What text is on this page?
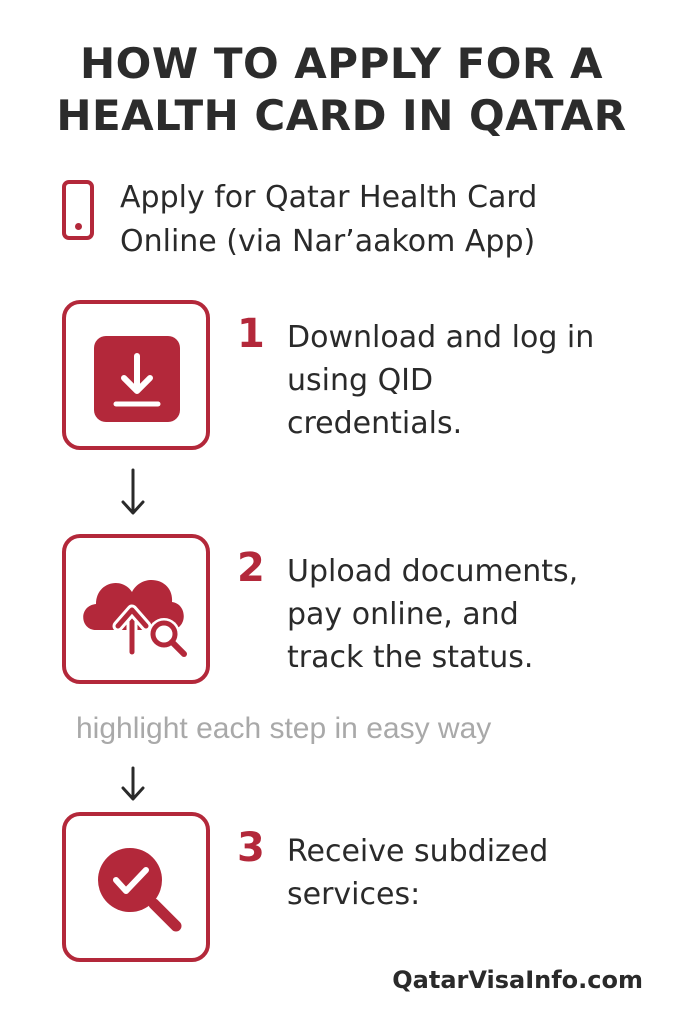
HOW TO APPLY FOR A
HEALTH CARD IN QATAR
Apply for Qatar Health Card
Online (via Nar’aakom App)
1 Download and log in
using QID
credentials.
2 Upload documents,
pay online, and
track the status.
highlight each step in easy way
3 Receive subdized
services:
QatarVisaInfo.com
